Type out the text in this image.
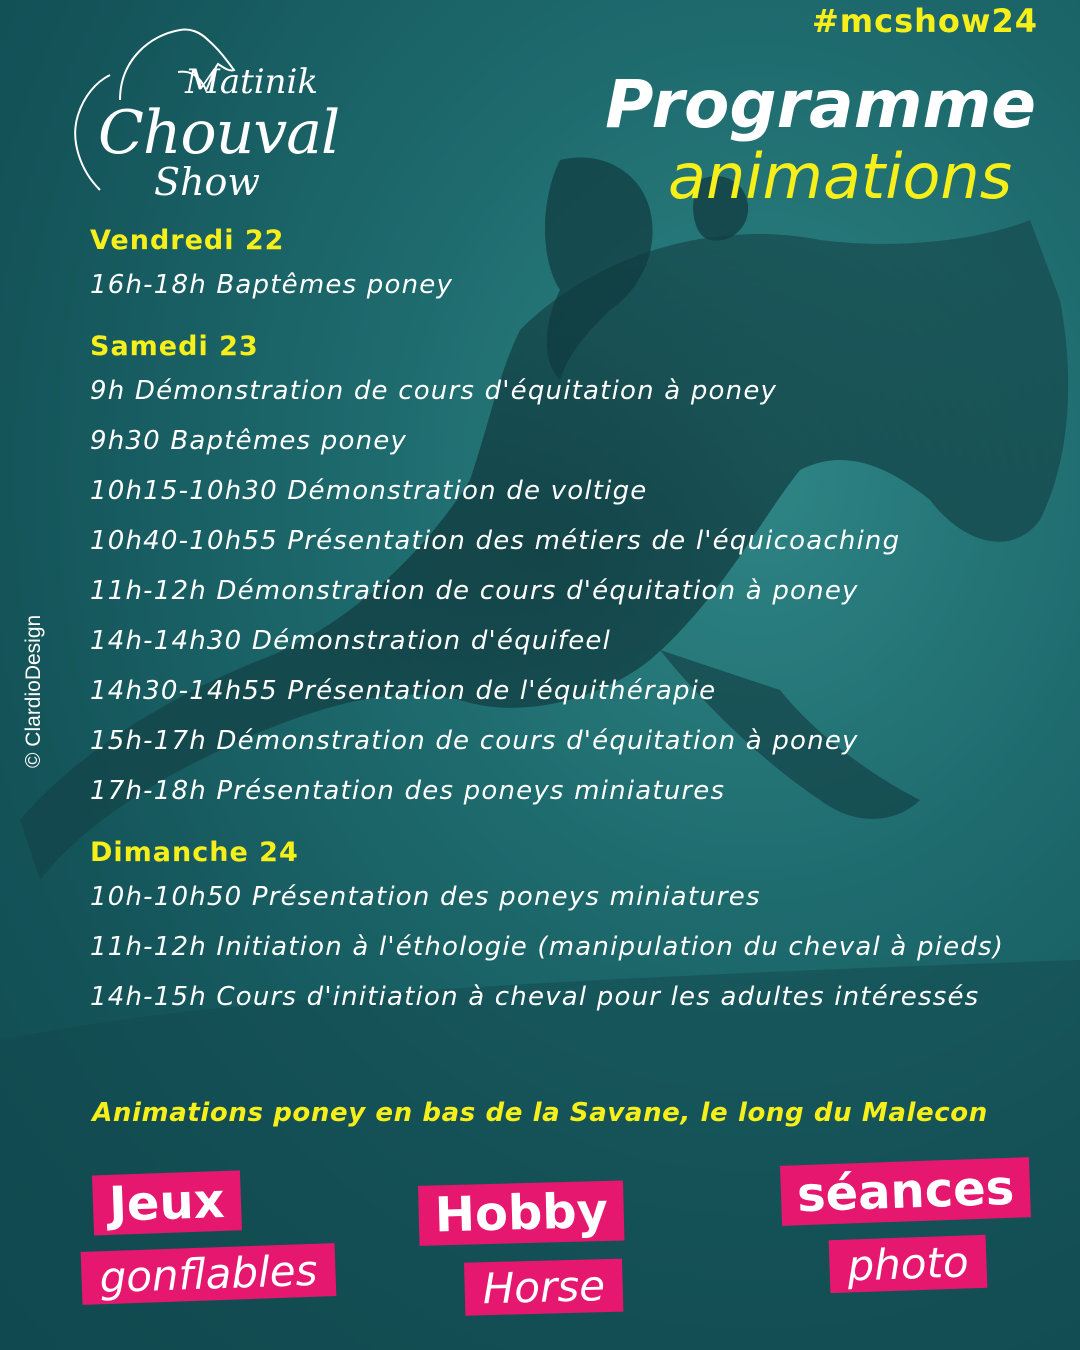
Matinik
Chouval
Show
#mcshow24
Programme
animations
© ClardioDesign
Vendredi 22
16h-18h Baptêmes poney
Samedi 23
9h Démonstration de cours d'équitation à poney
9h30 Baptêmes poney
10h15-10h30 Démonstration de voltige
10h40-10h55 Présentation des métiers de l'équicoaching
11h-12h Démonstration de cours d'équitation à poney
14h-14h30 Démonstration d'équifeel
14h30-14h55 Présentation de l'équithérapie
15h-17h Démonstration de cours d'équitation à poney
17h-18h Présentation des poneys miniatures
Dimanche 24
10h-10h50 Présentation des poneys miniatures
11h-12h Initiation à l'éthologie (manipulation du cheval à pieds)
14h-15h Cours d'initiation à cheval pour les adultes intéressés
Animations poney en bas de la Savane, le long du Malecon
Jeux
gonflables
Hobby
Horse
séances
photo
